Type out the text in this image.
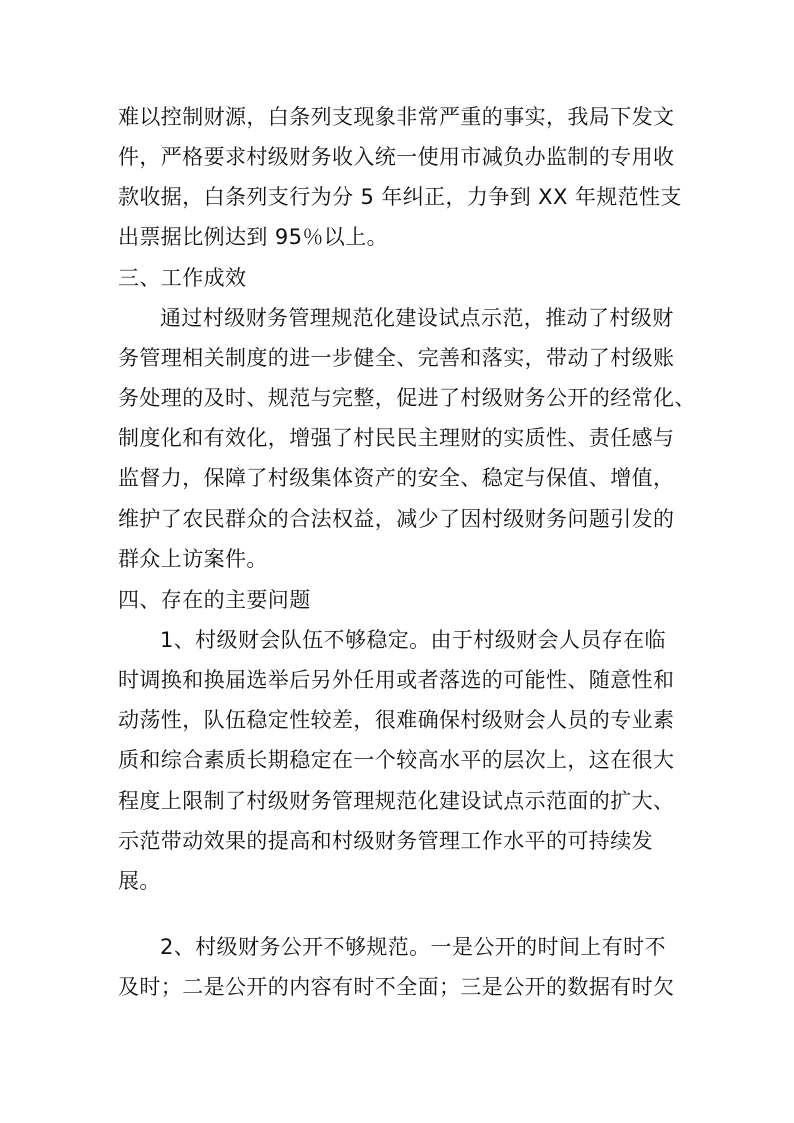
难以控制财源，白条列支现象非常严重的事实，我局下发文
件，严格要求村级财务收入统一使用市减负办监制的专用收
款收据，白条列支行为分 5 年纠正，力争到 XX 年规范性支
出票据比例达到 95％以上。
三、工作成效
通过村级财务管理规范化建设试点示范，推动了村级财
务管理相关制度的进一步健全、完善和落实，带动了村级账
务处理的及时、规范与完整，促进了村级财务公开的经常化、
制度化和有效化，增强了村民民主理财的实质性、责任感与
监督力，保障了村级集体资产的安全、稳定与保值、增值，
维护了农民群众的合法权益，减少了因村级财务问题引发的
群众上访案件。
四、存在的主要问题
1、村级财会队伍不够稳定。由于村级财会人员存在临
时调换和换届选举后另外任用或者落选的可能性、随意性和
动荡性，队伍稳定性较差，很难确保村级财会人员的专业素
质和综合素质长期稳定在一个较高水平的层次上，这在很大
程度上限制了村级财务管理规范化建设试点示范面的扩大、
示范带动效果的提高和村级财务管理工作水平的可持续发
展。
2、村级财务公开不够规范。一是公开的时间上有时不
及时；二是公开的内容有时不全面；三是公开的数据有时欠
